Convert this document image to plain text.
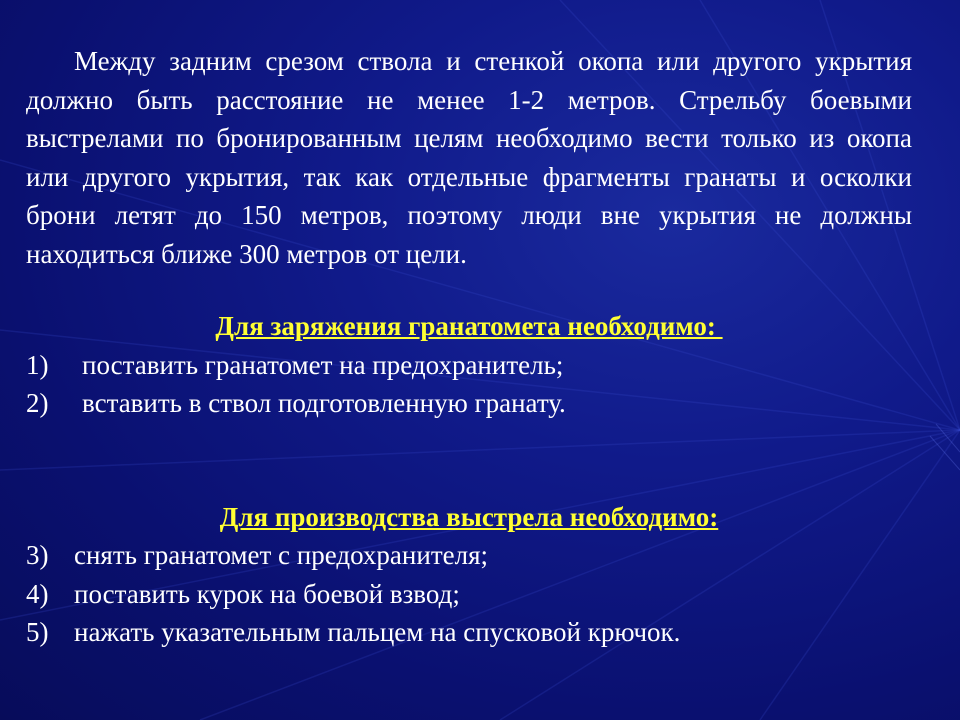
Между задним срезом ствола и стенкой окопа или другого укрытия должно быть расстояние не менее 1-2 метров. Стрельбу боевыми выстрелами по бронированным целям необходимо вести только из окопа или другого укрытия, так как отдельные фрагменты гранаты и осколки брони летят до 150 метров, поэтому люди вне укрытия не должны находиться ближе 300 метров от цели.

Для заряжения гранатомета необходимо:

1)	поставить гранатомет на предохранитель;
2)	вставить в ствол подготовленную гранату.

Для производства выстрела необходимо:

3) снять гранатомет с предохранителя;
4) поставить курок на боевой взвод;
5) нажать указательным пальцем на спусковой крючок.
